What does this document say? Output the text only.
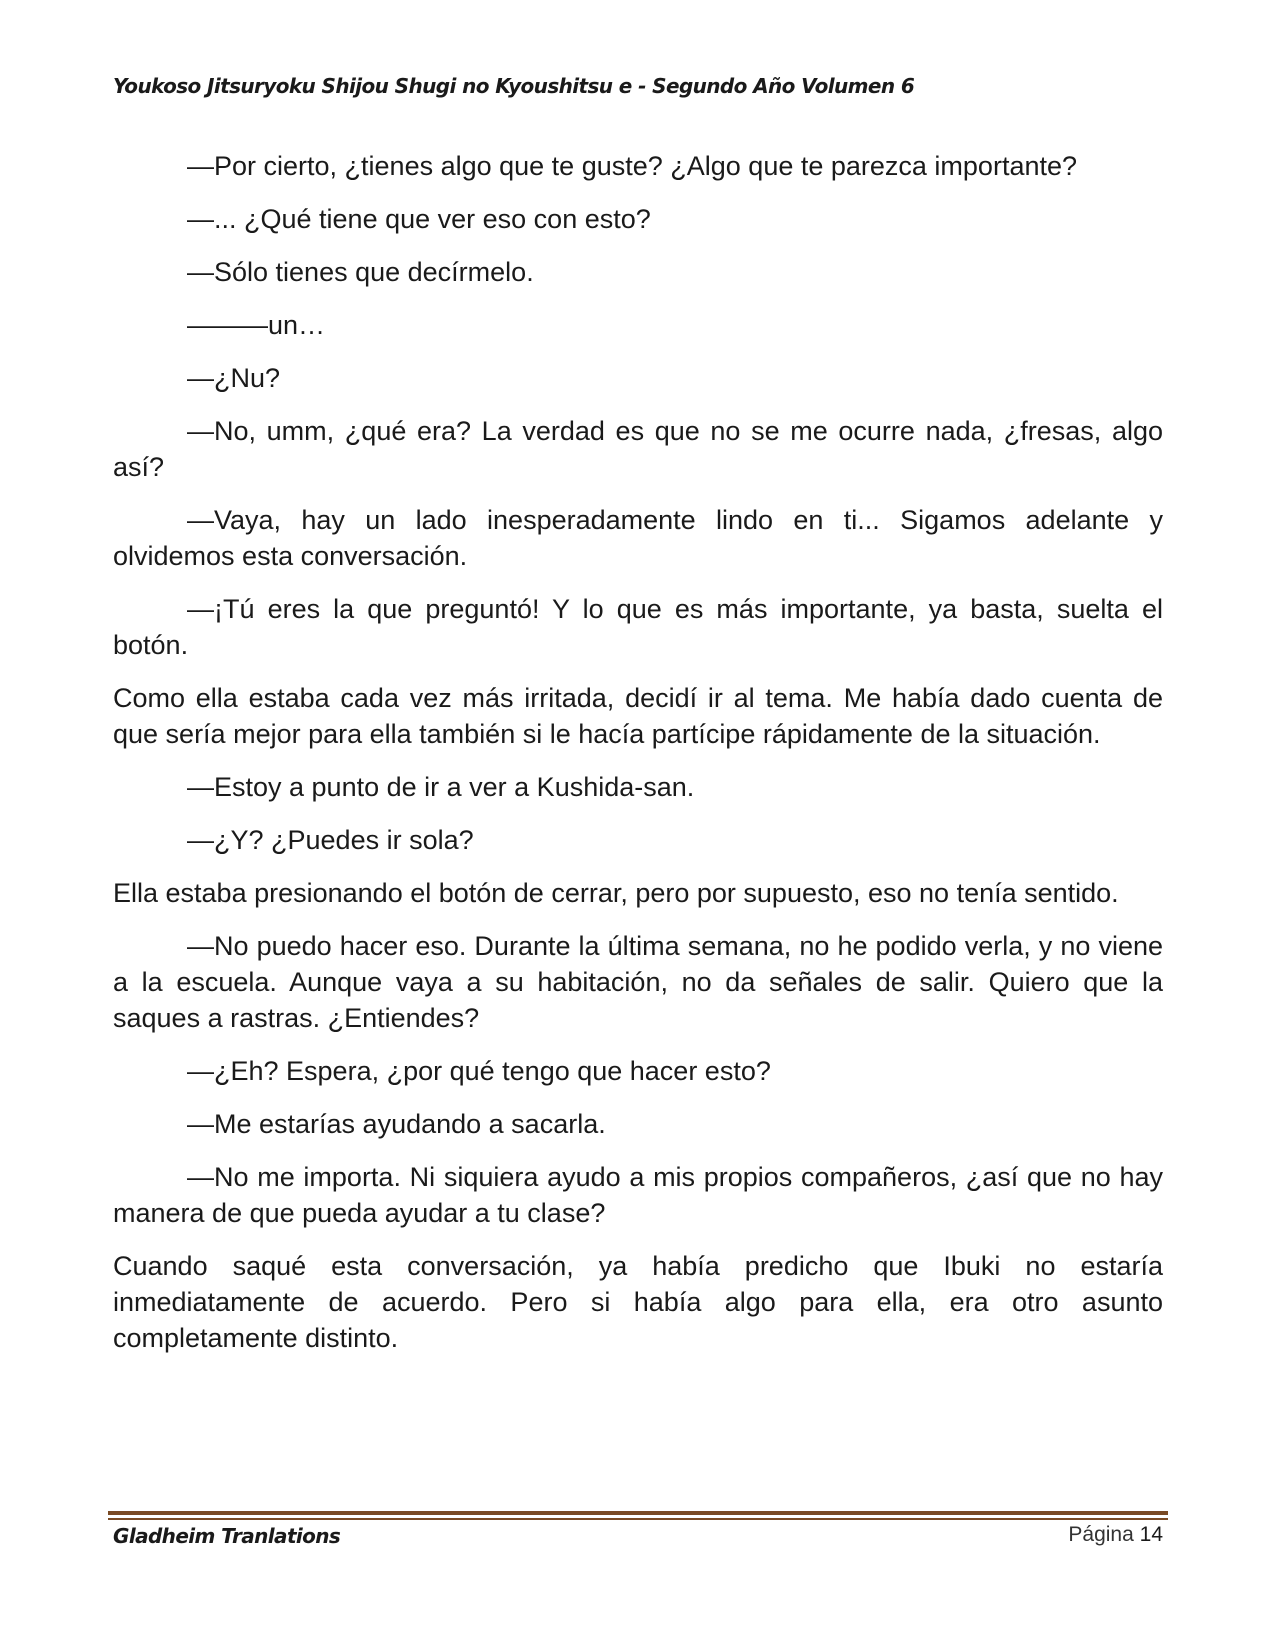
Youkoso Jitsuryoku Shijou Shugi no Kyoushitsu e - Segundo Año Volumen 6

—Por cierto, ¿tienes algo que te guste? ¿Algo que te parezca importante?

—... ¿Qué tiene que ver eso con esto?

—Sólo tienes que decírmelo.

—――un…

—¿Nu?

—No, umm, ¿qué era? La verdad es que no se me ocurre nada, ¿fresas, algo así?

—Vaya, hay un lado inesperadamente lindo en ti... Sigamos adelante y olvidemos esta conversación.

—¡Tú eres la que preguntó! Y lo que es más importante, ya basta, suelta el botón.

Como ella estaba cada vez más irritada, decidí ir al tema. Me había dado cuenta de que sería mejor para ella también si le hacía partícipe rápidamente de la situación.

—Estoy a punto de ir a ver a Kushida-san.

—¿Y? ¿Puedes ir sola?

Ella estaba presionando el botón de cerrar, pero por supuesto, eso no tenía sentido.

—No puedo hacer eso. Durante la última semana, no he podido verla, y no viene a la escuela. Aunque vaya a su habitación, no da señales de salir. Quiero que la saques a rastras. ¿Entiendes?

—¿Eh? Espera, ¿por qué tengo que hacer esto?

—Me estarías ayudando a sacarla.

—No me importa. Ni siquiera ayudo a mis propios compañeros, ¿así que no hay manera de que pueda ayudar a tu clase?

Cuando saqué esta conversación, ya había predicho que Ibuki no estaría inmediatamente de acuerdo. Pero si había algo para ella, era otro asunto completamente distinto.

Gladheim Tranlations	Página 14
